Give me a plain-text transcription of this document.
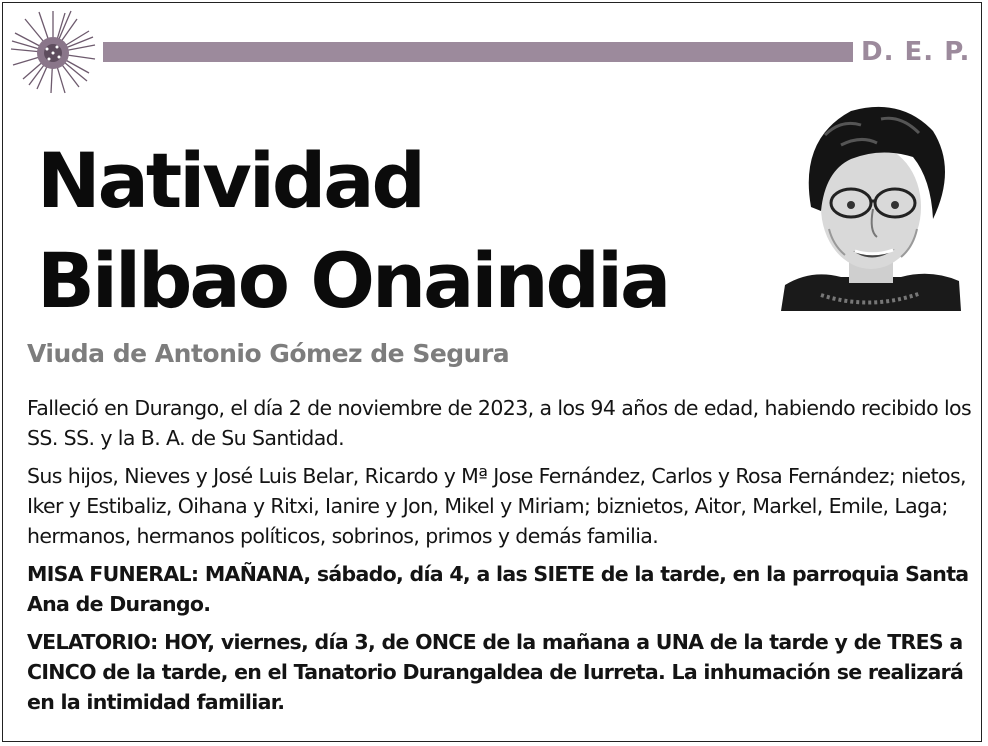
D. E. P.
Natividad
Bilbao Onaindia
Viuda de Antonio Gómez de Segura

Falleció en Durango, el día 2 de noviembre de 2023, a los 94 años de edad, habiendo recibido los SS. SS. y la B. A. de Su Santidad.

Sus hijos, Nieves y José Luis Belar, Ricardo y Mª Jose Fernández, Carlos y Rosa Fernández; nietos, Iker y Estibaliz, Oihana y Ritxi, Ianire y Jon, Mikel y Miriam; biznietos, Aitor, Markel, Emile, Laga; hermanos, hermanos políticos, sobrinos, primos y demás familia.

MISA FUNERAL: MAÑANA, sábado, día 4, a las SIETE de la tarde, en la parroquia Santa Ana de Durango.

VELATORIO: HOY, viernes, día 3, de ONCE de la mañana a UNA de la tarde y de TRES a CINCO de la tarde, en el Tanatorio Durangaldea de Iurreta. La inhumación se realizará en la intimidad familiar.
